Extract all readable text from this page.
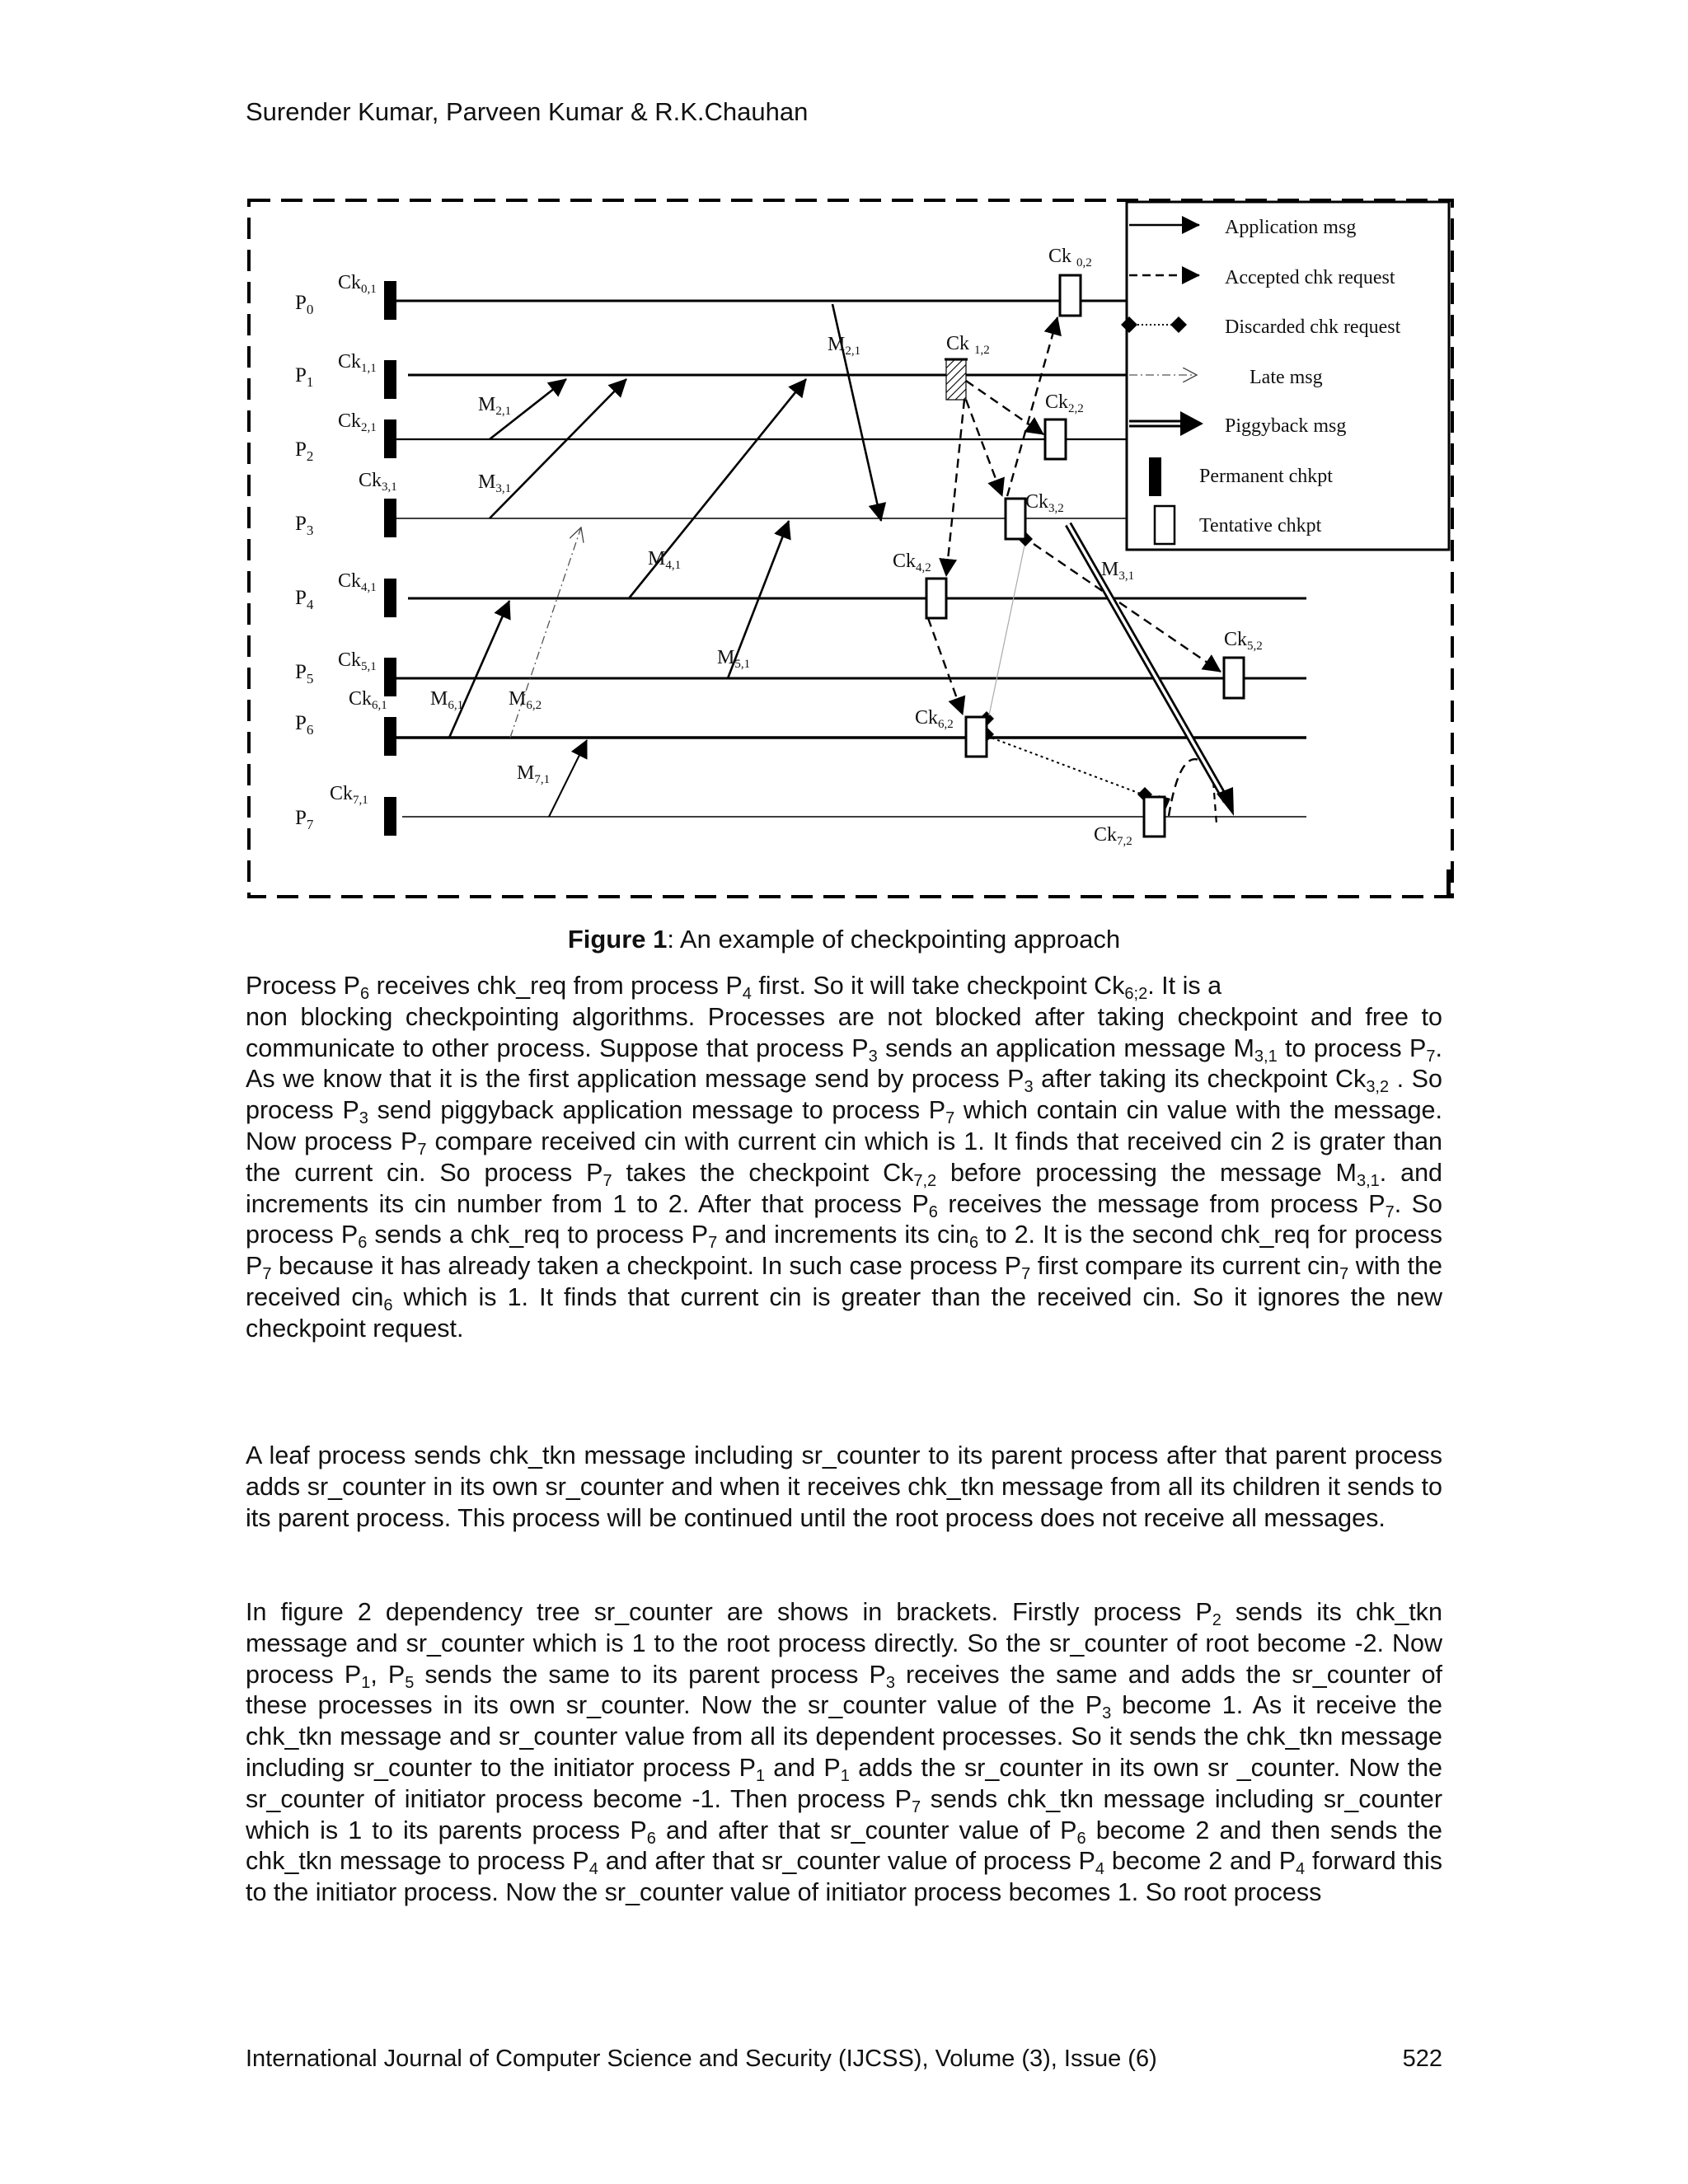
Surender Kumar, Parveen Kumar & R.K.Chauhan
$P_0$
$P_1$
$P_2$
$P_3$
$P_4$
$P_5$
$P_6$
$P_7$
$Ck_{0,1}$
$Ck_{1,1}$
$Ck_{2,1}$
$Ck_{3,1}$
$Ck_{4,1}$
$Ck_{5,1}$
$Ck_{6,1}$
$Ck_{7,1}$
$M_{2,1}$
$M_{3,1}$
$M_{2,1}$
$M_{4,1}$
$M_{5,1}$
$M_{6,1}$ $M_{6,2}$
$M_{7,1}$
$M_{3,1}$
Ck $_{0,2}$
Ck $_{1,2}$
$Ck_{2,2}$
$Ck_{3,2}$
$Ck_{4,2}$
$Ck_{5,2}$
$Ck_{6,2}$
$Ck_{7,2}$
Application msg
Accepted chk request
Discarded chk request
Late msg
Piggyback msg
Permanent chkpt
Tentative chkpt
Figure 1: An example of checkpointing approach

Process $P_6$ receives chk_req from process $P_4$ first. So it will take checkpoint $Ck_{6;2}$. It is a
non blocking checkpointing algorithms. Processes are not blocked after taking checkpoint and free to communicate to other process. Suppose that process $P_3$ sends an application message $M_{3,1}$ to process $P_7$. As we know that it is the first application message send by process $P_3$ after taking its checkpoint $Ck_{3,2}$ . So process $P_3$ send piggyback application message to process $P_7$ which contain cin value with the message. Now process $P_7$ compare received cin with current cin which is 1. It finds that received cin 2 is grater than the current cin. So process $P_7$ takes the checkpoint $Ck_{7,2}$ before processing the message $M_{3,1}$. and increments its cin number from 1 to 2. After that process $P_6$ receives the message from process $P_7$. So process $P_6$ sends a chk_req to process $P_7$ and increments its cin$_6$ to 2. It is the second chk_req for process $P_7$ because it has already taken a checkpoint. In such case process $P_7$ first compare its current cin$_7$ with the received cin$_6$ which is 1. It finds that current cin is greater than the received cin. So it ignores the new checkpoint request.

A leaf process sends chk_tkn message including sr_counter to its parent process after that parent process adds sr_counter in its own sr_counter and when it receives chk_tkn message from all its children it sends to its parent process. This process will be continued until the root process does not receive all messages.

In figure 2 dependency tree sr_counter are shows in brackets. Firstly process $P_2$ sends its chk_tkn message and sr_counter which is 1 to the root process directly. So the sr_counter of root become -2. Now process $P_1$, $P_5$ sends the same to its parent process $P_3$ receives the same and adds the sr_counter of these processes in its own sr_counter. Now the sr_counter value of the $P_3$ become 1. As it receive the chk_tkn message and sr_counter value from all its dependent processes. So it sends the chk_tkn message including sr_counter to the initiator process $P_1$ and $P_1$ adds the sr_counter in its own sr _counter. Now the sr_counter of initiator process become -1. Then process $P_7$ sends chk_tkn message including sr_counter which is 1 to its parents process $P_6$ and after that sr_counter value of $P_6$ become 2 and then sends the chk_tkn message to process $P_4$ and after that sr_counter value of process $P_4$ become 2 and $P_4$ forward this to the initiator process. Now the sr_counter value of initiator process becomes 1. So root process

International Journal of Computer Science and Security (IJCSS), Volume (3), Issue (6)	522
